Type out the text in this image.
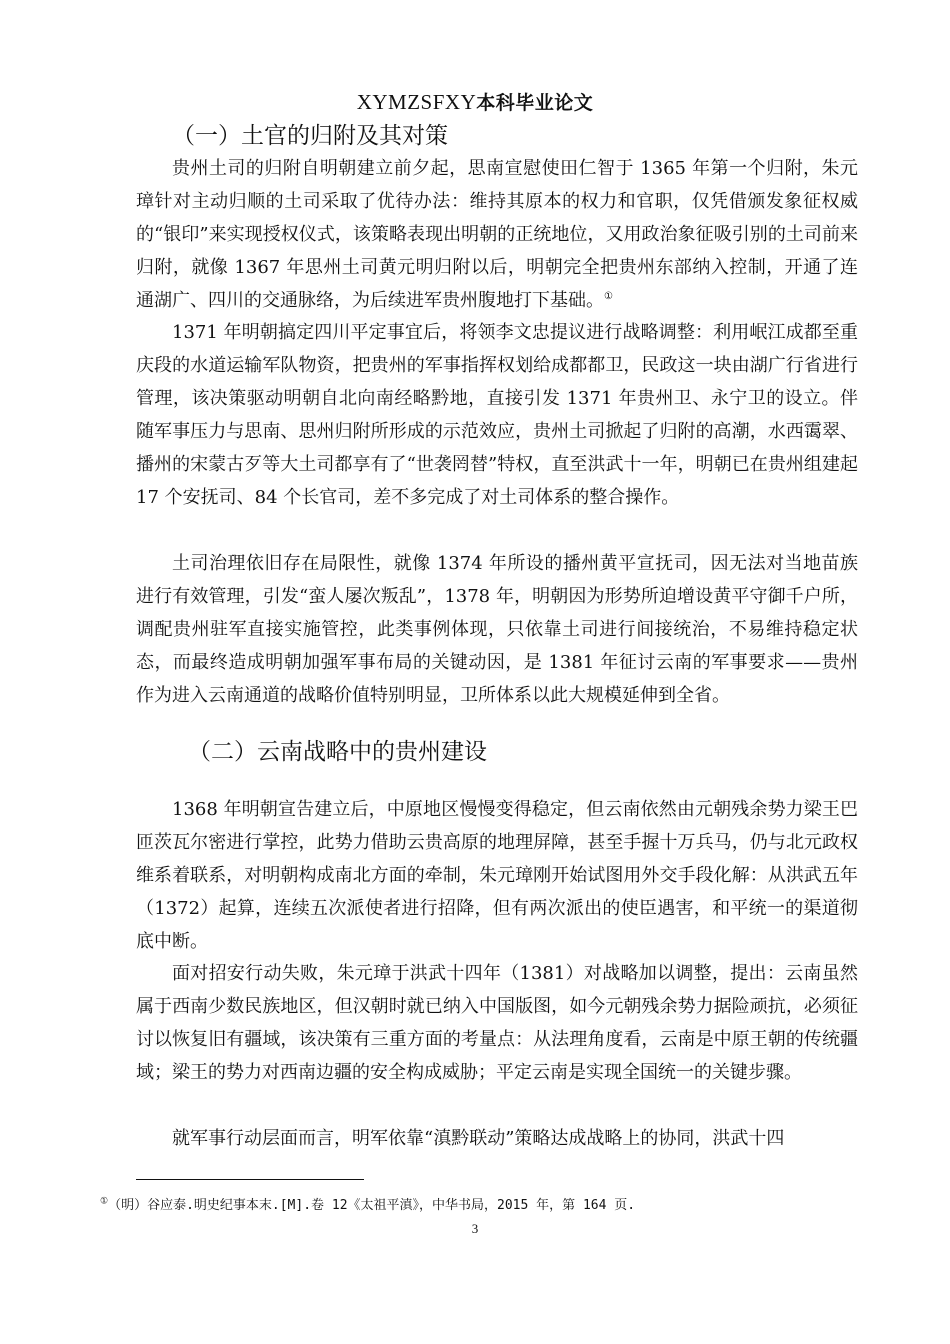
XYMZSFXY本科毕业论文
（一）土官的归附及其对策

贵州土司的归附自明朝建立前夕起，思南宣慰使田仁智于 1365 年第一个归附，朱元璋针对主动归顺的土司采取了优待办法：维持其原本的权力和官职，仅凭借颁发象征权威的“银印”来实现授权仪式，该策略表现出明朝的正统地位，又用政治象征吸引别的土司前来归附，就像 1367 年思州土司黄元明归附以后，明朝完全把贵州东部纳入控制，开通了连通湖广、四川的交通脉络，为后续进军贵州腹地打下基础。①

1371 年明朝搞定四川平定事宜后，将领李文忠提议进行战略调整：利用岷江成都至重庆段的水道运输军队物资，把贵州的军事指挥权划给成都都卫，民政这一块由湖广行省进行管理，该决策驱动明朝自北向南经略黔地，直接引发 1371 年贵州卫、永宁卫的设立。伴随军事压力与思南、思州归附所形成的示范效应，贵州土司掀起了归附的高潮，水西霭翠、播州的宋蒙古歹等大土司都享有了“世袭罔替”特权，直至洪武十一年，明朝已在贵州组建起 17 个安抚司、84 个长官司，差不多完成了对土司体系的整合操作。

土司治理依旧存在局限性，就像 1374 年所设的播州黄平宣抚司，因无法对当地苗族进行有效管理，引发“蛮人屡次叛乱”，1378 年，明朝因为形势所迫增设黄平守御千户所，调配贵州驻军直接实施管控，此类事例体现，只依靠土司进行间接统治，不易维持稳定状态，而最终造成明朝加强军事布局的关键动因，是 1381 年征讨云南的军事要求——贵州作为进入云南通道的战略价值特别明显，卫所体系以此大规模延伸到全省。

（二）云南战略中的贵州建设

1368 年明朝宣告建立后，中原地区慢慢变得稳定，但云南依然由元朝残余势力梁王巴匝茨瓦尔密进行掌控，此势力借助云贵高原的地理屏障，甚至手握十万兵马，仍与北元政权维系着联系，对明朝构成南北方面的牵制，朱元璋刚开始试图用外交手段化解：从洪武五年（1372）起算，连续五次派使者进行招降，但有两次派出的使臣遇害，和平统一的渠道彻底中断。

面对招安行动失败，朱元璋于洪武十四年（1381）对战略加以调整，提出：云南虽然属于西南少数民族地区，但汉朝时就已纳入中国版图，如今元朝残余势力据险顽抗，必须征讨以恢复旧有疆域，该决策有三重方面的考量点：从法理角度看，云南是中原王朝的传统疆域；梁王的势力对西南边疆的安全构成威胁；平定云南是实现全国统一的关键步骤。

就军事行动层面而言，明军依靠“滇黔联动”策略达成战略上的协同，洪武十四

①（明）谷应泰.明史纪事本末.[M].卷 12《太祖平滇》，中华书局，2015 年，第 164 页.
3
